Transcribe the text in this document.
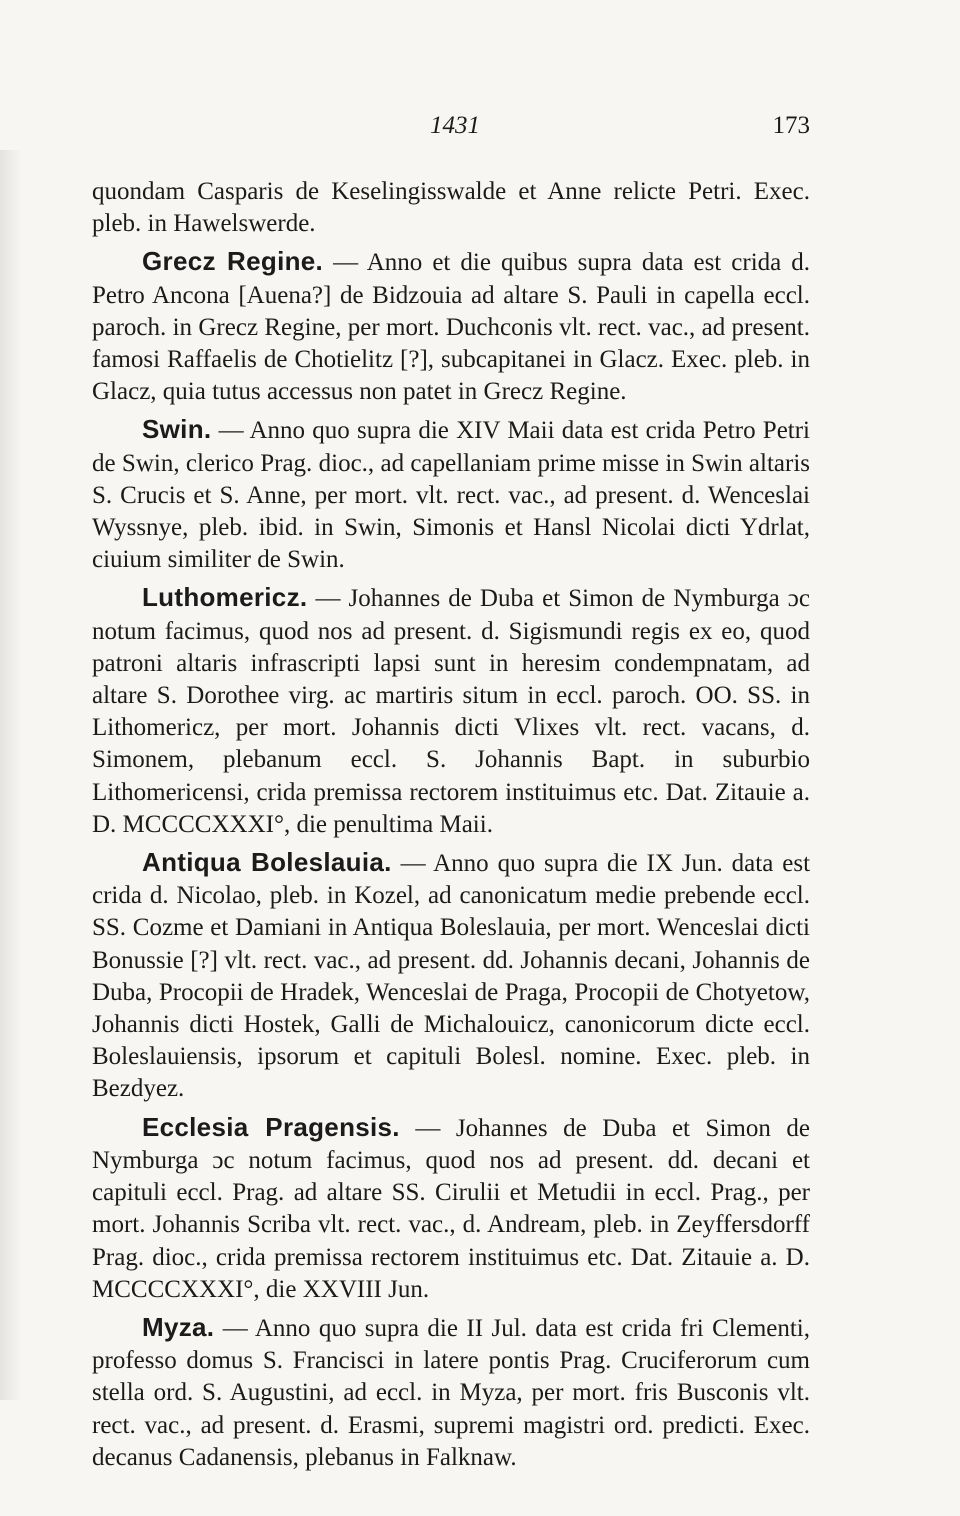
1431	173

quondam Casparis de Keselingisswalde et Anne relicte Petri. Exec. pleb. in Hawelswerde.

Grecz Regine. — Anno et die quibus supra data est crida d. Petro Ancona [Auena?] de Bidzouia ad altare S. Pauli in capella eccl. paroch. in Grecz Regine, per mort. Duchconis vlt. rect. vac., ad present. famosi Raffaelis de Chotielitz [?], subcapitanei in Glacz. Exec. pleb. in Glacz, quia tutus accessus non patet in Grecz Regine.

Swin. — Anno quo supra die XIV Maii data est crida Petro Petri de Swin, clerico Prag. dioc., ad capellaniam prime misse in Swin altaris S. Crucis et S. Anne, per mort. vlt. rect. vac., ad present. d. Wenceslai Wyssnye, pleb. ibid. in Swin, Simonis et Hansl Nicolai dicti Ydrlat, ciuium similiter de Swin.

Luthomericz. — Johannes de Duba et Simon de Nymburga ɔc notum facimus, quod nos ad present. d. Sigismundi regis ex eo, quod patroni altaris infrascripti lapsi sunt in heresim condempnatam, ad altare S. Dorothee virg. ac martiris situm in eccl. paroch. OO. SS. in Lithomericz, per mort. Johannis dicti Vlixes vlt. rect. vacans, d. Simonem, plebanum eccl. S. Johannis Bapt. in suburbio Lithomericensi, crida premissa rectorem instituimus etc. Dat. Zitauie a. D. MCCCCXXXI°, die penultima Maii.

Antiqua Boleslauia. — Anno quo supra die IX Jun. data est crida d. Nicolao, pleb. in Kozel, ad canonicatum medie prebende eccl. SS. Cozme et Damiani in Antiqua Boleslauia, per mort. Wenceslai dicti Bonussie [?] vlt. rect. vac., ad present. dd. Johannis decani, Johannis de Duba, Procopii de Hradek, Wenceslai de Praga, Procopii de Chotyetow, Johannis dicti Hostek, Galli de Michalouicz, canonicorum dicte eccl. Boleslauiensis, ipsorum et capituli Bolesl. nomine. Exec. pleb. in Bezdyez.

Ecclesia Pragensis. — Johannes de Duba et Simon de Nymburga ɔc notum facimus, quod nos ad present. dd. decani et capituli eccl. Prag. ad altare SS. Cirulii et Metudii in eccl. Prag., per mort. Johannis Scriba vlt. rect. vac., d. Andream, pleb. in Zeyffersdorff Prag. dioc., crida premissa rectorem instituimus etc. Dat. Zitauie a. D. MCCCCXXXI°, die XXVIII Jun.

Myza. — Anno quo supra die II Jul. data est crida fri Clementi, professo domus S. Francisci in latere pontis Prag. Cruciferorum cum stella ord. S. Augustini, ad eccl. in Myza, per mort. fris Busconis vlt. rect. vac., ad present. d. Erasmi, supremi magistri ord. predicti. Exec. decanus Cadanensis, plebanus in Falknaw.
